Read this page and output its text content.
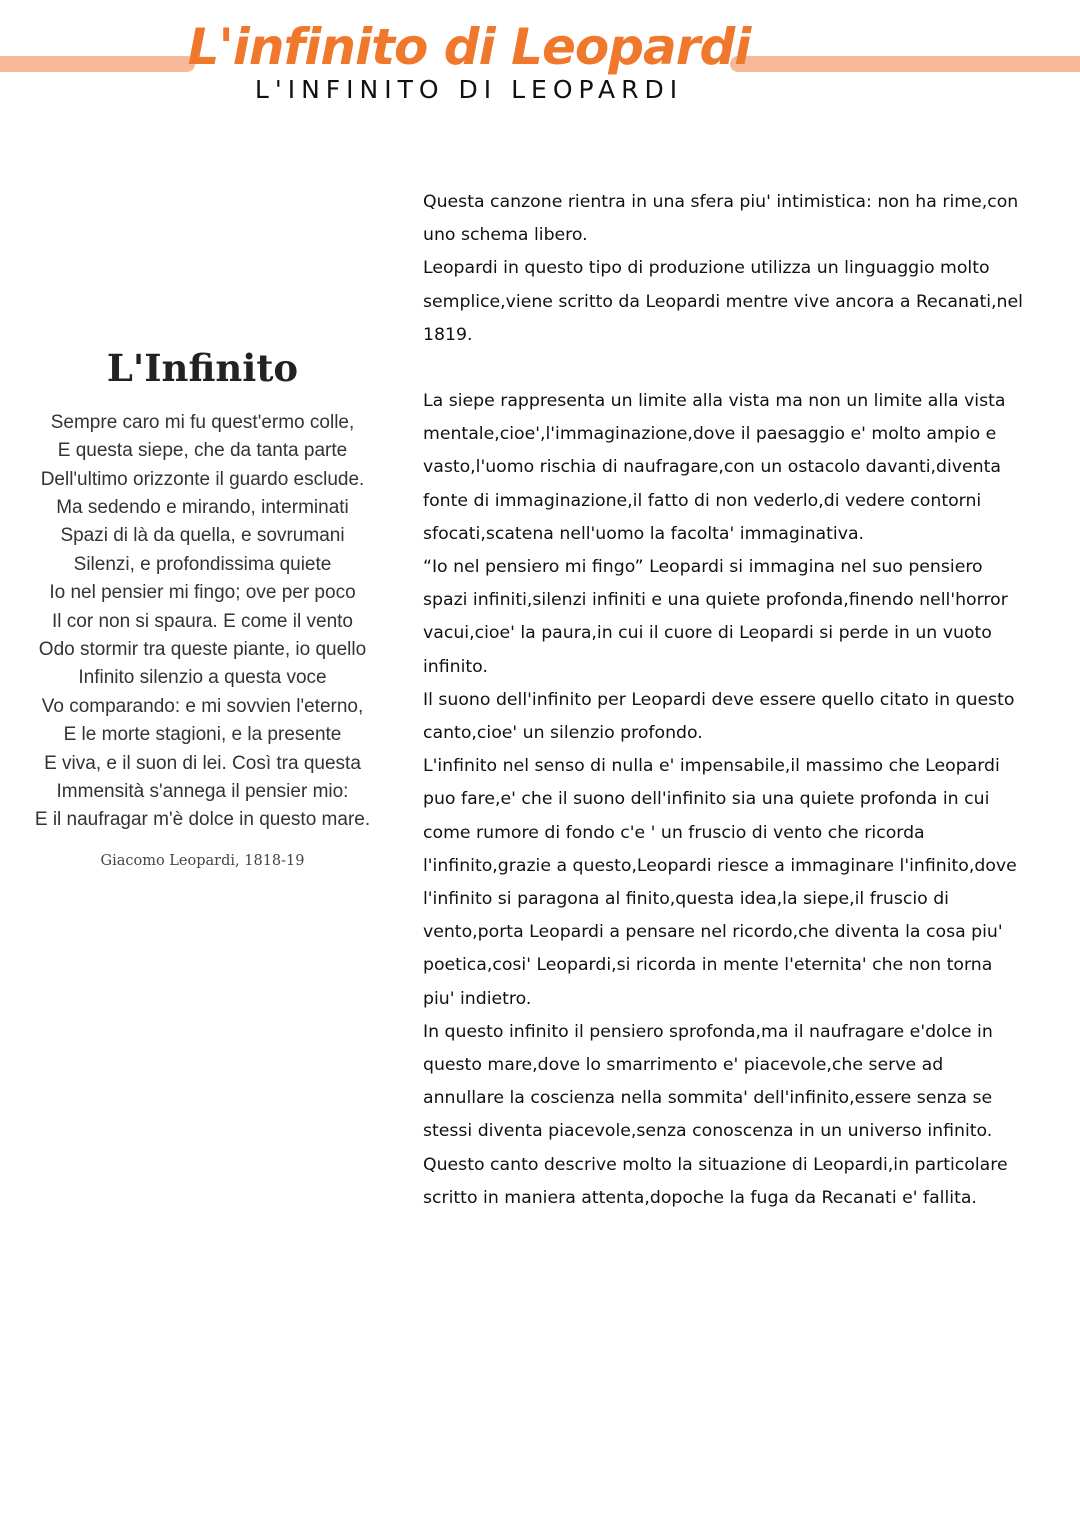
L'infinito di Leopardi
L'INFINITO DI LEOPARDI
L'Infinito
Sempre caro mi fu quest'ermo colle,
E questa siepe, che da tanta parte
Dell'ultimo orizzonte il guardo esclude.
Ma sedendo e mirando, interminati
Spazi di là da quella, e sovrumani
Silenzi, e profondissima quiete
Io nel pensier mi fingo; ove per poco
Il cor non si spaura. E come il vento
Odo stormir tra queste piante, io quello
Infinito silenzio a questa voce
Vo comparando: e mi sovvien l'eterno,
E le morte stagioni, e la presente
E viva, e il suon di lei. Così tra questa
Immensità s'annega il pensier mio:
E il naufragar m'è dolce in questo mare.
Giacomo Leopardi, 1818-19

Questa canzone rientra in una sfera piu' intimistica: non ha rime,con uno schema libero.

Leopardi in questo tipo di produzione utilizza un linguaggio molto semplice,viene scritto da Leopardi mentre vive ancora a Recanati,nel 1819.

La siepe rappresenta un limite alla vista ma non un limite alla vista mentale,cioe',l'immaginazione,dove il paesaggio e' molto ampio e vasto,l'uomo rischia di naufragare,con un ostacolo davanti,diventa fonte di immaginazione,il fatto di non vederlo,di vedere contorni sfocati,scatena nell'uomo la facolta' immaginativa.

“Io nel pensiero mi fingo” Leopardi si immagina nel suo pensiero spazi infiniti,silenzi infiniti e una quiete profonda,finendo nell'horror vacui,cioe' la paura,in cui il cuore di Leopardi si perde in un vuoto infinito.

Il suono dell'infinito per Leopardi deve essere quello citato in questo canto,cioe' un silenzio profondo.

L'infinito nel senso di nulla e' impensabile,il massimo che Leopardi puo fare,e' che il suono dell'infinito sia una quiete profonda in cui come rumore di fondo c'e ' un fruscio di vento che ricorda l'infinito,grazie a questo,Leopardi riesce a immaginare l'infinito,dove l'infinito si paragona al finito,questa idea,la siepe,il fruscio di vento,porta Leopardi a pensare nel ricordo,che diventa la cosa piu' poetica,cosi' Leopardi,si ricorda in mente l'eternita' che non torna piu' indietro.

In questo infinito il pensiero sprofonda,ma il naufragare e'dolce in questo mare,dove lo smarrimento e' piacevole,che serve ad annullare la coscienza nella sommita' dell'infinito,essere senza se stessi diventa piacevole,senza conoscenza in un universo infinito.

Questo canto descrive molto la situazione di Leopardi,in particolare scritto in maniera attenta,dopoche la fuga da Recanati e' fallita.
